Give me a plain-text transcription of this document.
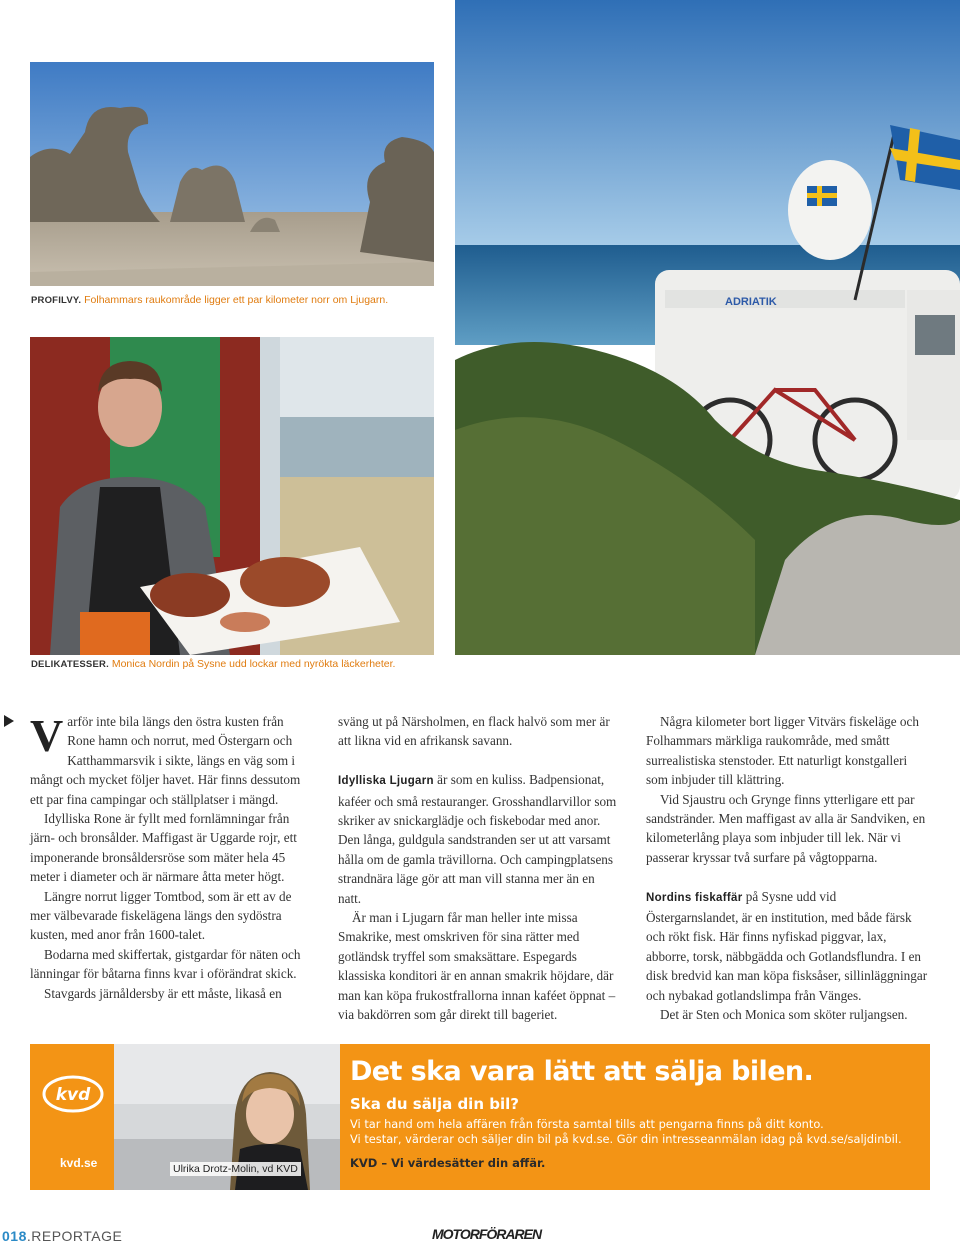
PROFILVY. Folhammars raukområde ligger ett par kilometer norr om Ljugarn.
DELIKATESSER. Monica Nordin på Sysne udd lockar med nyrökta läckerheter.
ADRIATIK

Varför inte bila längs den östra kusten från Rone hamn och norrut, med Östergarn och Katthammarsvik i sikte, längs en väg som i mångt och mycket följer havet. Här finns dessutom ett par fina campingar och ställplatser i mängd.

Idylliska Rone är fyllt med fornlämningar från järn- och bronsålder. Maffigast är Uggarde rojr, ett imponerande bronsåldersröse som mäter hela 45 meter i diameter och är närmare åtta meter högt.

Längre norrut ligger Tomtbod, som är ett av de mer välbevarade fiskelägena längs den sydöstra kusten, med anor från 1600-talet.

Bodarna med skiffertak, gistgardar för näten och länningar för båtarna finns kvar i oförändrat skick.

Stavgards järnåldersby är ett måste, likaså en

sväng ut på Närsholmen, en flack halvö som mer är att likna vid en afrikansk savann.

Idylliska Ljugarn är som en kuliss. Badpensionat, kaféer och små restauranger. Grosshandlarvillor som skriker av snickarglädje och fiskebodar med anor. Den långa, guldgula sandstranden ser ut att varsamt hålla om de gamla trävillorna. Och campingplatsens strandnära läge gör att man vill stanna mer än en natt.

Är man i Ljugarn får man heller inte missa Smakrike, mest omskriven för sina rätter med gotländsk tryffel som smaksättare. Espegards klassiska konditori är en annan smakrik höjdare, där man kan köpa frukostfrallorna innan kaféet öppnat – via bakdörren som går direkt till bageriet.

Några kilometer bort ligger Vitvärs fiskeläge och Folhammars märkliga raukområde, med smått surrealistiska stenstoder. Ett naturligt konstgalleri som inbjuder till klättring.

Vid Sjaustru och Grynge finns ytterligare ett par sandstränder. Men maffigast av alla är Sandviken, en kilometerlång playa som inbjuder till lek. När vi passerar kryssar två surfare på vågtopparna.

Nordins fiskaffär på Sysne udd vid Östergarnslandet, är en institution, med både färsk och rökt fisk. Här finns nyfiskad piggvar, lax, abborre, torsk, näbbgädda och Gotlandsflundra. I en disk bredvid kan man köpa fisksåser, sillinläggningar och nybakad gotlandslimpa från Vänges.

Det är Sten och Monica som sköter ruljangsen.

kvd
kvd.se	Ulrika Drotz-Molin, vd KVD
Det ska vara lätt att sälja bilen.
Ska du sälja din bil?
Vi tar hand om hela affären från första samtal tills att pengarna finns på ditt konto.
Vi testar, värderar och säljer din bil på kvd.se. Gör din intresseanmälan idag på kvd.se/saljdinbil.
KVD – Vi värdesätter din affär.
018.REPORTAGE	MOTORFÖRAREN
